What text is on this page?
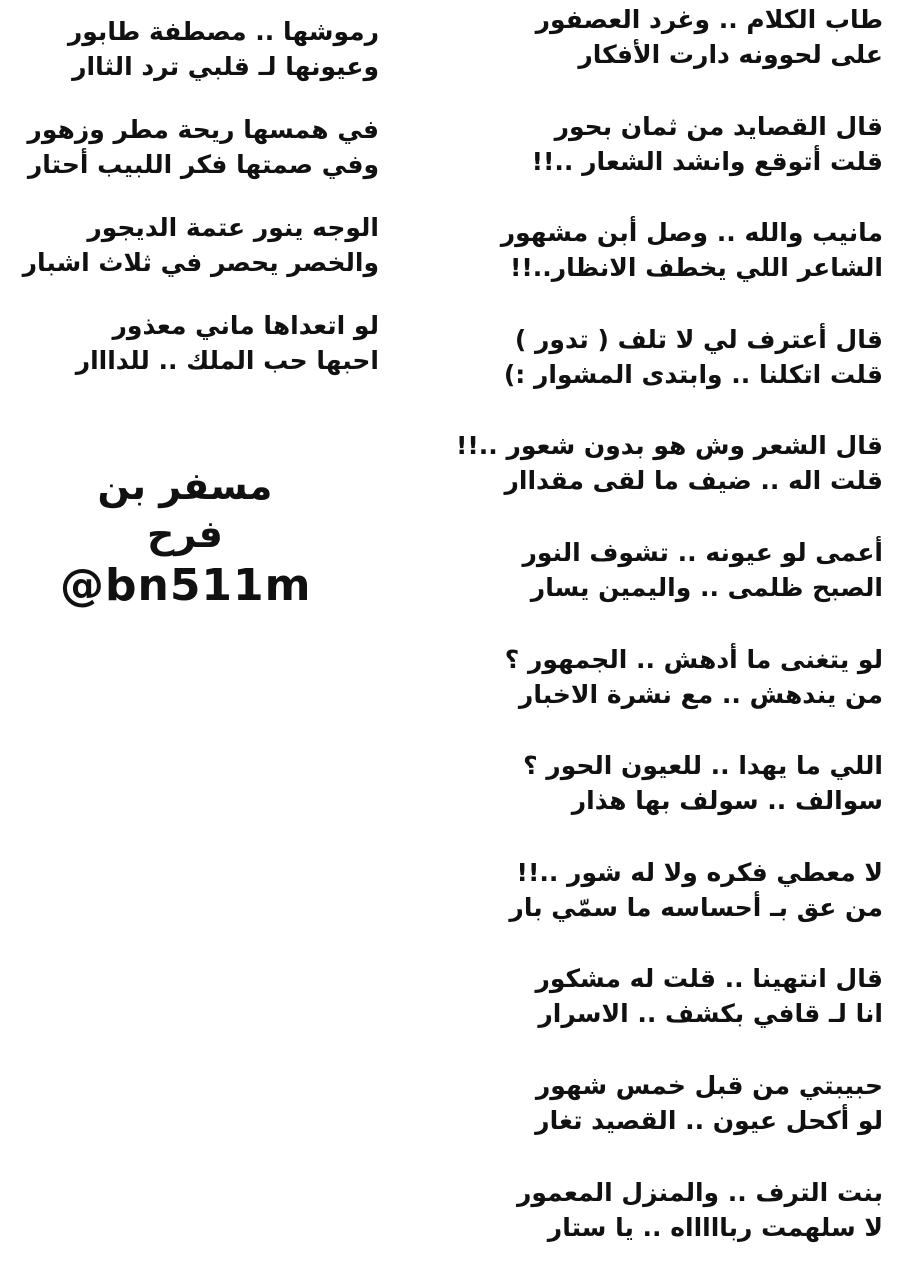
طاب الكلام .. وغرد العصفور
على لحوونه دارت الأفكار
قال القصايد من ثمان بحور
قلت أتوقع وانشد الشعار ..!!
مانيب والله .. وصل أبن مشهور
الشاعر اللي يخطف الانظار..!!
قال أعترف لي لا تلف ( تدور )
قلت اتكلنا .. وابتدى المشوار :)
قال الشعر وش هو بدون شعور ..!!
قلت اله .. ضيف ما لقى مقداار
أعمى لو عيونه .. تشوف النور
الصبح ظلمى .. واليمين يسار
لو يتغنى ما أدهش .. الجمهور ؟
من يندهش .. مع نشرة الاخبار
اللي ما يهدا .. للعيون الحور ؟
سوالف .. سولف بها هذار
لا معطي فكره ولا له شور ..!!
من عق بـ أحساسه ما سمّي بار
قال انتهينا .. قلت له مشكور
انا لـ قافي بكشف .. الاسرار
حبيبتي من قبل خمس شهور
لو أكحل عيون .. القصيد تغار
بنت الترف .. والمنزل المعمور
لا سلهمت رباااااه .. يا ستار
رموشها .. مصطفة طابور
وعيونها لـ قلبي ترد الثاار
في همسها ريحة مطر وزهور
وفي صمتها فكر اللبيب أحتار
الوجه ينور عتمة الديجور
والخصر يحصر في ثلاث اشبار
لو اتعداها ماني معذور
احبها حب الملك .. للدااار
مسفر بن فرح
@bn511m
